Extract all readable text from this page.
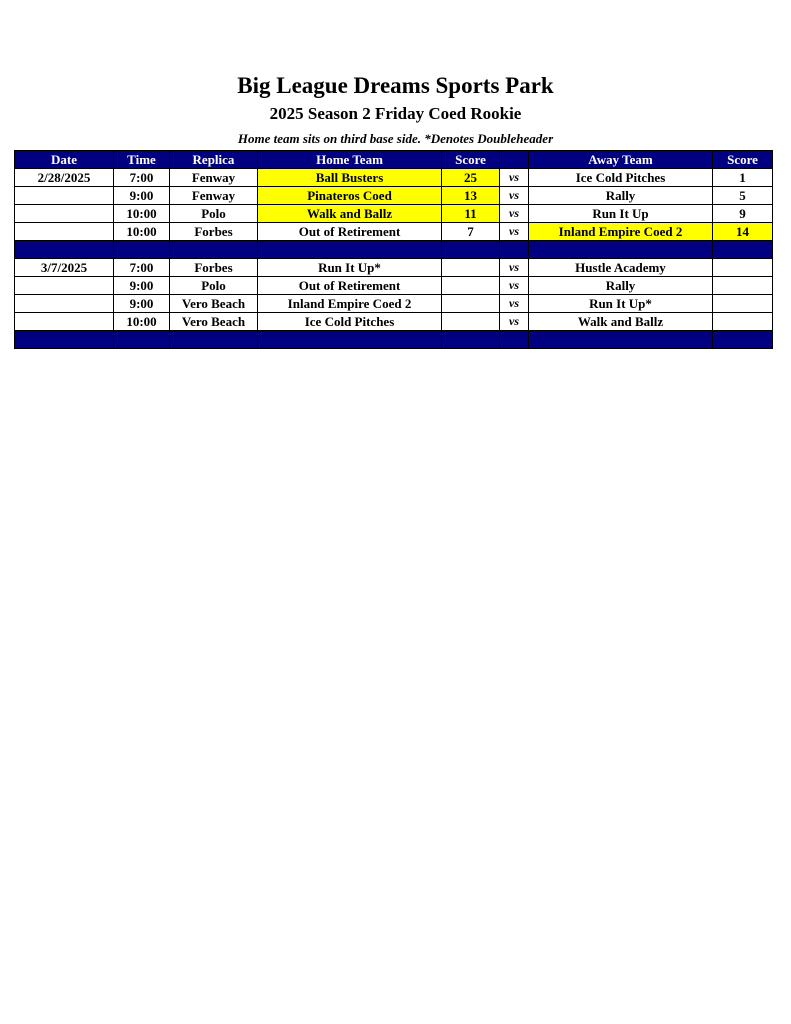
Big League Dreams Sports Park
2025 Season 2 Friday Coed Rookie
Home team sits on third base side. *Denotes Doubleheader
Date	Time	Replica	Home Team	Score		Away Team	Score
2/28/2025	7:00	Fenway	Ball Busters	25	vs	Ice Cold Pitches	1
	9:00	Fenway	Pinateros Coed	13	vs	Rally	5
	10:00	Polo	Walk and Ballz	11	vs	Run It Up	9
	10:00	Forbes	Out of Retirement	7	vs	Inland Empire Coed 2	14

3/7/2025	7:00	Forbes	Run It Up*		vs	Hustle Academy	
	9:00	Polo	Out of Retirement		vs	Rally	
	9:00	Vero Beach	Inland Empire Coed 2		vs	Run It Up*	
	10:00	Vero Beach	Ice Cold Pitches		vs	Walk and Ballz	
